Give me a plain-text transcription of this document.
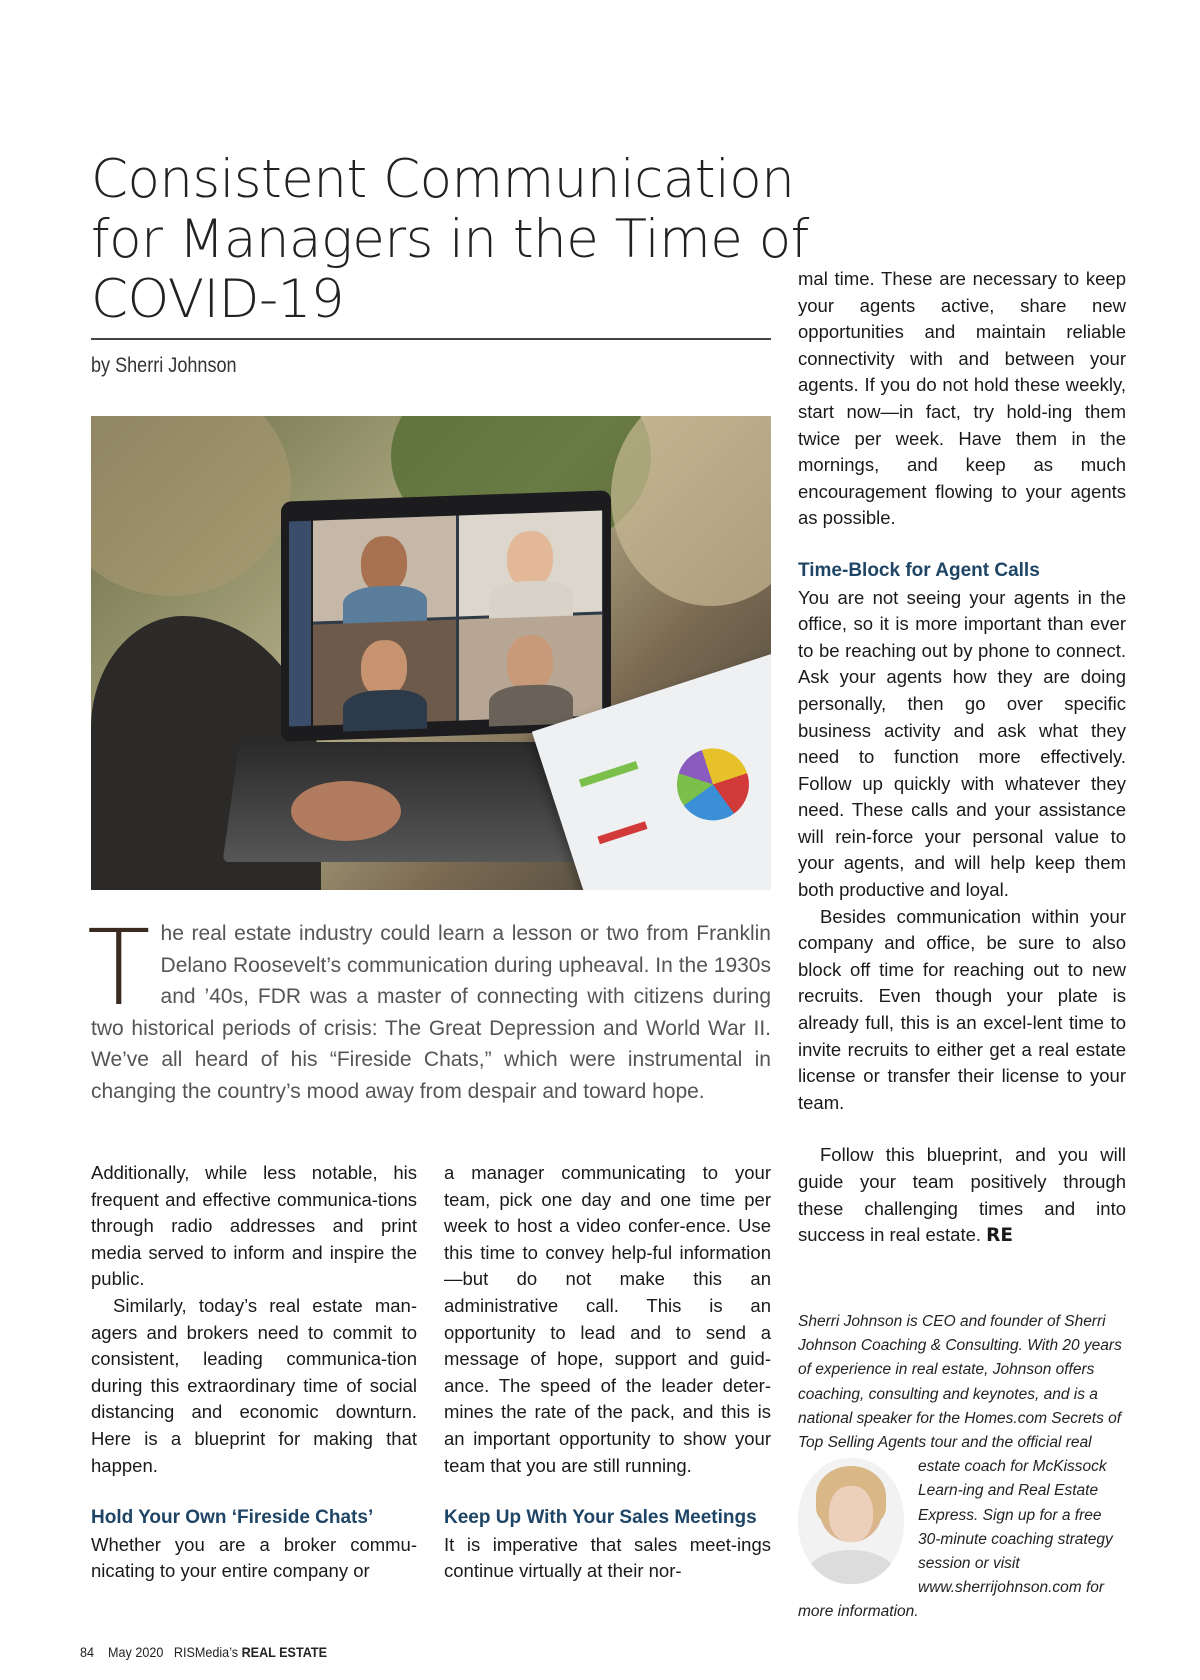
Consistent Communication
for Managers in the Time of
COVID-19
by Sherri Johnson
The real estate industry could learn a lesson or two from Franklin Delano Roosevelt’s communication during upheaval. In the 1930s and ’40s, FDR was a master of connecting with citizens during two historical periods of crisis: The Great Depression and World War II. We’ve all heard of his “Fireside Chats,” which were instrumental in changing the country’s mood away from despair and toward hope.

Additionally, while less notable, his frequent and effective communica-tions through radio addresses and print media served to inform and inspire the public.

Similarly, today’s real estate man-agers and brokers need to commit to consistent, leading communica-tion during this extraordinary time of social distancing and economic downturn. Here is a blueprint for making that happen.

Hold Your Own ‘Fireside Chats’

Whether you are a broker commu-nicating to your entire company or

a manager communicating to your team, pick one day and one time per week to host a video confer-ence. Use this time to convey help-ful information—but do not make this an administrative call. This is an opportunity to lead and to send a message of hope, support and guid-ance. The speed of the leader deter-mines the rate of the pack, and this is an important opportunity to show your team that you are still running.

Keep Up With Your Sales Meetings

It is imperative that sales meet-ings continue virtually at their nor-

mal time. These are necessary to keep your agents active, share new opportunities and maintain reliable connectivity with and between your agents. If you do not hold these weekly, start now—in fact, try hold-ing them twice per week. Have them in the mornings, and keep as much encouragement flowing to your agents as possible.

Time-Block for Agent Calls

You are not seeing your agents in the office, so it is more important than ever to be reaching out by phone to connect. Ask your agents how they are doing personally, then go over specific business activity and ask what they need to function more effectively. Follow up quickly with whatever they need. These calls and your assistance will rein-force your personal value to your agents, and will help keep them both productive and loyal.

Besides communication within your company and office, be sure to also block off time for reaching out to new recruits. Even though your plate is already full, this is an excel-lent time to invite recruits to either get a real estate license or transfer their license to your team.

Follow this blueprint, and you will guide your team positively through these challenging times and into success in real estate. RE

Sherri Johnson is CEO and founder of Sherri Johnson Coaching & Consulting. With 20 years of experience in real estate, Johnson offers coaching, consulting and keynotes, and is a national speaker for the Homes.com Secrets of Top Selling Agents tour and the official real estate coach for McKissock Learn-ing and Real Estate Express. Sign up for a free 30-minute coaching strategy session or visit www.sherrijohnson.com for more information.
84 May 2020 RISMedia’s REAL ESTATE
